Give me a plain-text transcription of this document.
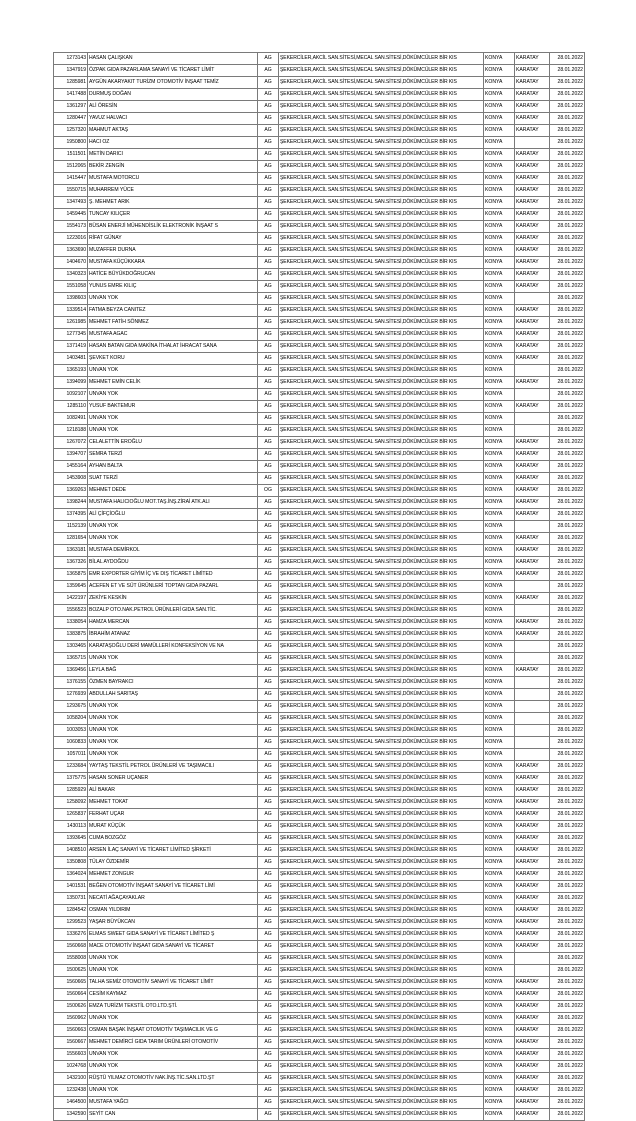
1273143	HASAN ÇALIŞKAN	AG	ŞEKERCİLER,AKCİL SAN.SİTESİ,MECAL SAN.SİTESİ,DÖKÜMCÜLER BİR KIS	KONYA	KARATAY	28.01.2022
1347919	ÖZPAK GIDA PAZARLAMA SANAYİ VE TİCARET LİMİT	AG	ŞEKERCİLER,AKCİL SAN.SİTESİ,MECAL SAN.SİTESİ,DÖKÜMCÜLER BİR KIS	KONYA	KARATAY	28.01.2022
1285981	AYGÜN AKARYAKIT TURİZM OTOMOTİV İNŞAAT TEMİZ	AG	ŞEKERCİLER,AKCİL SAN.SİTESİ,MECAL SAN.SİTESİ,DÖKÜMCÜLER BİR KIS	KONYA	KARATAY	28.01.2022
1417488	DURMUŞ DOĞAN	AG	ŞEKERCİLER,AKCİL SAN.SİTESİ,MECAL SAN.SİTESİ,DÖKÜMCÜLER BİR KIS	KONYA	KARATAY	28.01.2022
1361297	ALİ ÖRESİN	AG	ŞEKERCİLER,AKCİL SAN.SİTESİ,MECAL SAN.SİTESİ,DÖKÜMCÜLER BİR KIS	KONYA	KARATAY	28.01.2022
1280447	YAVUZ HALVACI	AG	ŞEKERCİLER,AKCİL SAN.SİTESİ,MECAL SAN.SİTESİ,DÖKÜMCÜLER BİR KIS	KONYA	KARATAY	28.01.2022
1257320	MAHMUT AKTAŞ	AG	ŞEKERCİLER,AKCİL SAN.SİTESİ,MECAL SAN.SİTESİ,DÖKÜMCÜLER BİR KIS	KONYA	KARATAY	28.01.2022
1950800	HACI OZ	AG	ŞEKERCİLER,AKCİL SAN.SİTESİ,MECAL SAN.SİTESİ,DÖKÜMCÜLER BİR KIS	KONYA		28.01.2022
1511501	METİN DARICI	AG	ŞEKERCİLER,AKCİL SAN.SİTESİ,MECAL SAN.SİTESİ,DÖKÜMCÜLER BİR KIS	KONYA	KARATAY	28.01.2022
1512065	BEKİR ZENGİN	AG	ŞEKERCİLER,AKCİL SAN.SİTESİ,MECAL SAN.SİTESİ,DÖKÜMCÜLER BİR KIS	KONYA	KARATAY	28.01.2022
1415447	MUSTAFA MOTORCU	AG	ŞEKERCİLER,AKCİL SAN.SİTESİ,MECAL SAN.SİTESİ,DÖKÜMCÜLER BİR KIS	KONYA	KARATAY	28.01.2022
1550715	MUHARREM YÜCE	AG	ŞEKERCİLER,AKCİL SAN.SİTESİ,MECAL SAN.SİTESİ,DÖKÜMCÜLER BİR KIS	KONYA	KARATAY	28.01.2022
1347493	Ş. MEHMET ARIK	AG	ŞEKERCİLER,AKCİL SAN.SİTESİ,MECAL SAN.SİTESİ,DÖKÜMCÜLER BİR KIS	KONYA	KARATAY	28.01.2022
1459445	TUNCAY KILIÇER	AG	ŞEKERCİLER,AKCİL SAN.SİTESİ,MECAL SAN.SİTESİ,DÖKÜMCÜLER BİR KIS	KONYA	KARATAY	28.01.2022
1554173	BÜSAN ENERJİ MÜHENDİSLİK ELEKTRONİK İNŞAAT S	AG	ŞEKERCİLER,AKCİL SAN.SİTESİ,MECAL SAN.SİTESİ,DÖKÜMCÜLER BİR KIS	KONYA	KARATAY	28.01.2022
1223016	RİFAT GÜNAY	AG	ŞEKERCİLER,AKCİL SAN.SİTESİ,MECAL SAN.SİTESİ,DÖKÜMCÜLER BİR KIS	KONYA	KARATAY	28.01.2022
1363690	MUZAFFER DURNA	AG	ŞEKERCİLER,AKCİL SAN.SİTESİ,MECAL SAN.SİTESİ,DÖKÜMCÜLER BİR KIS	KONYA	KARATAY	28.01.2022
1404670	MUSTAFA KÜÇÜKKARA	AG	ŞEKERCİLER,AKCİL SAN.SİTESİ,MECAL SAN.SİTESİ,DÖKÜMCÜLER BİR KIS	KONYA	KARATAY	28.01.2022
1340323	HATİCE BÜYÜKDOĞRUCAN	AG	ŞEKERCİLER,AKCİL SAN.SİTESİ,MECAL SAN.SİTESİ,DÖKÜMCÜLER BİR KIS	KONYA	KARATAY	28.01.2022
1551058	YUNUS EMRE KILIÇ	AG	ŞEKERCİLER,AKCİL SAN.SİTESİ,MECAL SAN.SİTESİ,DÖKÜMCÜLER BİR KIS	KONYA	KARATAY	28.01.2022
1398603	UNVAN YOK	AG	ŞEKERCİLER,AKCİL SAN.SİTESİ,MECAL SAN.SİTESİ,DÖKÜMCÜLER BİR KIS	KONYA		28.01.2022
1339514	FATMA BEYZA CANITEZ	AG	ŞEKERCİLER,AKCİL SAN.SİTESİ,MECAL SAN.SİTESİ,DÖKÜMCÜLER BİR KIS	KONYA	KARATAY	28.01.2022
1261985	MEHMET FATİH SÖNMEZ	AG	ŞEKERCİLER,AKCİL SAN.SİTESİ,MECAL SAN.SİTESİ,DÖKÜMCÜLER BİR KIS	KONYA	KARATAY	28.01.2022
1277345	MUSTAFA AGAC	AG	ŞEKERCİLER,AKCİL SAN.SİTESİ,MECAL SAN.SİTESİ,DÖKÜMCÜLER BİR KIS	KONYA	KARATAY	28.01.2022
1371419	HASAN BATAN GIDA MAKİNA İTHALAT İHRACAT SANA	AG	ŞEKERCİLER,AKCİL SAN.SİTESİ,MECAL SAN.SİTESİ,DÖKÜMCÜLER BİR KIS	KONYA	KARATAY	28.01.2022
1403481	ŞEVKET KORU	AG	ŞEKERCİLER,AKCİL SAN.SİTESİ,MECAL SAN.SİTESİ,DÖKÜMCÜLER BİR KIS	KONYA	KARATAY	28.01.2022
1365193	UNVAN YOK	AG	ŞEKERCİLER,AKCİL SAN.SİTESİ,MECAL SAN.SİTESİ,DÖKÜMCÜLER BİR KIS	KONYA		28.01.2022
1394099	MEHMET EMİN CELİK	AG	ŞEKERCİLER,AKCİL SAN.SİTESİ,MECAL SAN.SİTESİ,DÖKÜMCÜLER BİR KIS	KONYA	KARATAY	28.01.2022
1092107	UNVAN YOK	AG	ŞEKERCİLER,AKCİL SAN.SİTESİ,MECAL SAN.SİTESİ,DÖKÜMCÜLER BİR KIS	KONYA		28.01.2022
1285110	YUSUF BAKTEMUR	AG	ŞEKERCİLER,AKCİL SAN.SİTESİ,MECAL SAN.SİTESİ,DÖKÜMCÜLER BİR KIS	KONYA	KARATAY	28.01.2022
1082491	UNVAN YOK	AG	ŞEKERCİLER,AKCİL SAN.SİTESİ,MECAL SAN.SİTESİ,DÖKÜMCÜLER BİR KIS	KONYA		28.01.2022
1218188	UNVAN YOK	AG	ŞEKERCİLER,AKCİL SAN.SİTESİ,MECAL SAN.SİTESİ,DÖKÜMCÜLER BİR KIS	KONYA		28.01.2022
1267072	CELALETTİN EROĞLU	AG	ŞEKERCİLER,AKCİL SAN.SİTESİ,MECAL SAN.SİTESİ,DÖKÜMCÜLER BİR KIS	KONYA	KARATAY	28.01.2022
1394707	SEMRA TERZİ	AG	ŞEKERCİLER,AKCİL SAN.SİTESİ,MECAL SAN.SİTESİ,DÖKÜMCÜLER BİR KIS	KONYA	KARATAY	28.01.2022
1455164	AYHAN BALTA	AG	ŞEKERCİLER,AKCİL SAN.SİTESİ,MECAL SAN.SİTESİ,DÖKÜMCÜLER BİR KIS	KONYA	KARATAY	28.01.2022
1453908	SUAT TERZİ	AG	ŞEKERCİLER,AKCİL SAN.SİTESİ,MECAL SAN.SİTESİ,DÖKÜMCÜLER BİR KIS	KONYA	KARATAY	28.01.2022
1369263	MEHMET DEDE	OG	ŞEKERCİLER,AKCİL SAN.SİTESİ,MECAL SAN.SİTESİ,DÖKÜMCÜLER BİR KIS	KONYA	KARATAY	28.01.2022
1398244	MUSTAFA HALICIOĞLU MOT.TAŞ.İNŞ.ZİRAİ ATK.ALI	AG	ŞEKERCİLER,AKCİL SAN.SİTESİ,MECAL SAN.SİTESİ,DÖKÜMCÜLER BİR KIS	KONYA	KARATAY	28.01.2022
1374395	ALİ ÇİFÇİOĞLU	AG	ŞEKERCİLER,AKCİL SAN.SİTESİ,MECAL SAN.SİTESİ,DÖKÜMCÜLER BİR KIS	KONYA	KARATAY	28.01.2022
1152139	UNVAN YOK	AG	ŞEKERCİLER,AKCİL SAN.SİTESİ,MECAL SAN.SİTESİ,DÖKÜMCÜLER BİR KIS	KONYA		28.01.2022
1281654	UNVAN YOK	AG	ŞEKERCİLER,AKCİL SAN.SİTESİ,MECAL SAN.SİTESİ,DÖKÜMCÜLER BİR KIS	KONYA	KARATAY	28.01.2022
1363181	MUSTAFA DEMİRKOL	AG	ŞEKERCİLER,AKCİL SAN.SİTESİ,MECAL SAN.SİTESİ,DÖKÜMCÜLER BİR KIS	KONYA	KARATAY	28.01.2022
1367326	BİLAL AYDOĞDU	AG	ŞEKERCİLER,AKCİL SAN.SİTESİ,MECAL SAN.SİTESİ,DÖKÜMCÜLER BİR KIS	KONYA	KARATAY	28.01.2022
1365875	EMR EXPORTER GİYİM İÇ VE DIŞ TİCARET LİMİTED	AG	ŞEKERCİLER,AKCİL SAN.SİTESİ,MECAL SAN.SİTESİ,DÖKÜMCÜLER BİR KIS	KONYA	KARATAY	28.01.2022
1359645	ACEFEN ET VE SÜT ÜRÜNLERİ TOPTAN GIDA PAZARL	AG	ŞEKERCİLER,AKCİL SAN.SİTESİ,MECAL SAN.SİTESİ,DÖKÜMCÜLER BİR KIS	KONYA		28.01.2022
1422197	ZEKİYE KESKİN	AG	ŞEKERCİLER,AKCİL SAN.SİTESİ,MECAL SAN.SİTESİ,DÖKÜMCÜLER BİR KIS	KONYA	KARATAY	28.01.2022
1556523	BOZALP OTO.NAK.PETROL ÜRÜNLERİ GIDA SAN.TİC.	AG	ŞEKERCİLER,AKCİL SAN.SİTESİ,MECAL SAN.SİTESİ,DÖKÜMCÜLER BİR KIS	KONYA		28.01.2022
1338054	HAMZA MERCAN	AG	ŞEKERCİLER,AKCİL SAN.SİTESİ,MECAL SAN.SİTESİ,DÖKÜMCÜLER BİR KIS	KONYA	KARATAY	28.01.2022
1383875	İBRAHİM ATANAZ	AG	ŞEKERCİLER,AKCİL SAN.SİTESİ,MECAL SAN.SİTESİ,DÖKÜMCÜLER BİR KIS	KONYA	KARATAY	28.01.2022
1303465	KARATAŞOĞLU DERİ MAMÜLLERİ KONFEKSİYON VE NA	AG	ŞEKERCİLER,AKCİL SAN.SİTESİ,MECAL SAN.SİTESİ,DÖKÜMCÜLER BİR KIS	KONYA		28.01.2022
1365715	UNVAN YOK	AG	ŞEKERCİLER,AKCİL SAN.SİTESİ,MECAL SAN.SİTESİ,DÖKÜMCÜLER BİR KIS	KONYA		28.01.2022
1369456	LEYLA BAĞ	AG	ŞEKERCİLER,AKCİL SAN.SİTESİ,MECAL SAN.SİTESİ,DÖKÜMCÜLER BİR KIS	KONYA	KARATAY	28.01.2022
1376155	ÖZMEN BAYRAKCI	AG	ŞEKERCİLER,AKCİL SAN.SİTESİ,MECAL SAN.SİTESİ,DÖKÜMCÜLER BİR KIS	KONYA		28.01.2022
1276939	ABDULLAH SARITAŞ	AG	ŞEKERCİLER,AKCİL SAN.SİTESİ,MECAL SAN.SİTESİ,DÖKÜMCÜLER BİR KIS	KONYA		28.01.2022
1293675	UNVAN YOK	AG	ŞEKERCİLER,AKCİL SAN.SİTESİ,MECAL SAN.SİTESİ,DÖKÜMCÜLER BİR KIS	KONYA		28.01.2022
1058204	UNVAN YOK	AG	ŞEKERCİLER,AKCİL SAN.SİTESİ,MECAL SAN.SİTESİ,DÖKÜMCÜLER BİR KIS	KONYA		28.01.2022
1003053	UNVAN YOK	AG	ŞEKERCİLER,AKCİL SAN.SİTESİ,MECAL SAN.SİTESİ,DÖKÜMCÜLER BİR KIS	KONYA		28.01.2022
1060833	UNVAN YOK	AG	ŞEKERCİLER,AKCİL SAN.SİTESİ,MECAL SAN.SİTESİ,DÖKÜMCÜLER BİR KIS	KONYA		28.01.2022
1057011	UNVAN YOK	AG	ŞEKERCİLER,AKCİL SAN.SİTESİ,MECAL SAN.SİTESİ,DÖKÜMCÜLER BİR KIS	KONYA		28.01.2022
1233684	YAYTAŞ TEKSTİL PETROL ÜRÜNLERİ VE TAŞIMACILI	AG	ŞEKERCİLER,AKCİL SAN.SİTESİ,MECAL SAN.SİTESİ,DÖKÜMCÜLER BİR KIS	KONYA	KARATAY	28.01.2022
1375775	HASAN SONER UÇANER	AG	ŞEKERCİLER,AKCİL SAN.SİTESİ,MECAL SAN.SİTESİ,DÖKÜMCÜLER BİR KIS	KONYA	KARATAY	28.01.2022
1285929	ALİ BAKAR	AG	ŞEKERCİLER,AKCİL SAN.SİTESİ,MECAL SAN.SİTESİ,DÖKÜMCÜLER BİR KIS	KONYA	KARATAY	28.01.2022
1258092	MEHMET TOKAT	AG	ŞEKERCİLER,AKCİL SAN.SİTESİ,MECAL SAN.SİTESİ,DÖKÜMCÜLER BİR KIS	KONYA	KARATAY	28.01.2022
1265837	FERHAT UÇAR	AG	ŞEKERCİLER,AKCİL SAN.SİTESİ,MECAL SAN.SİTESİ,DÖKÜMCÜLER BİR KIS	KONYA	KARATAY	28.01.2022
1430113	MURAT KÜÇÜK	AG	ŞEKERCİLER,AKCİL SAN.SİTESİ,MECAL SAN.SİTESİ,DÖKÜMCÜLER BİR KIS	KONYA	KARATAY	28.01.2022
1393645	CUMA BOZGÖZ	AG	ŞEKERCİLER,AKCİL SAN.SİTESİ,MECAL SAN.SİTESİ,DÖKÜMCÜLER BİR KIS	KONYA	KARATAY	28.01.2022
1408510	ARSEN İLAÇ SANAYİ VE TİCARET LİMİTED ŞİRKETİ	AG	ŞEKERCİLER,AKCİL SAN.SİTESİ,MECAL SAN.SİTESİ,DÖKÜMCÜLER BİR KIS	KONYA	KARATAY	28.01.2022
1350808	TÜLAY ÖZDEMİR	AG	ŞEKERCİLER,AKCİL SAN.SİTESİ,MECAL SAN.SİTESİ,DÖKÜMCÜLER BİR KIS	KONYA	KARATAY	28.01.2022
1364024	MEHMET ZONGUR	AG	ŞEKERCİLER,AKCİL SAN.SİTESİ,MECAL SAN.SİTESİ,DÖKÜMCÜLER BİR KIS	KONYA	KARATAY	28.01.2022
1401531	BEĞEN OTOMOTİV İNŞAAT SANAYİ VE TİCARET LİMİ	AG	ŞEKERCİLER,AKCİL SAN.SİTESİ,MECAL SAN.SİTESİ,DÖKÜMCÜLER BİR KIS	KONYA	KARATAY	28.01.2022
1350731	NECATİ AĞAÇAYAKLAR	AG	ŞEKERCİLER,AKCİL SAN.SİTESİ,MECAL SAN.SİTESİ,DÖKÜMCÜLER BİR KIS	KONYA	KARATAY	28.01.2022
1284542	OSMAN YILDIRIM	AG	ŞEKERCİLER,AKCİL SAN.SİTESİ,MECAL SAN.SİTESİ,DÖKÜMCÜLER BİR KIS	KONYA	KARATAY	28.01.2022
1299523	YAŞAR BÜYÜKCAN	AG	ŞEKERCİLER,AKCİL SAN.SİTESİ,MECAL SAN.SİTESİ,DÖKÜMCÜLER BİR KIS	KONYA	KARATAY	28.01.2022
1336276	ELMAS SWEET GIDA SANAYİ VE TİCARET LİMİTED Ş	AG	ŞEKERCİLER,AKCİL SAN.SİTESİ,MECAL SAN.SİTESİ,DÖKÜMCÜLER BİR KIS	KONYA	KARATAY	28.01.2022
1560668	MACE OTOMOTİV İNŞAAT GIDA SANAYİ VE TİCARET	AG	ŞEKERCİLER,AKCİL SAN.SİTESİ,MECAL SAN.SİTESİ,DÖKÜMCÜLER BİR KIS	KONYA	KARATAY	28.01.2022
1558008	UNVAN YOK	AG	ŞEKERCİLER,AKCİL SAN.SİTESİ,MECAL SAN.SİTESİ,DÖKÜMCÜLER BİR KIS	KONYA		28.01.2022
1500625	UNVAN YOK	AG	ŞEKERCİLER,AKCİL SAN.SİTESİ,MECAL SAN.SİTESİ,DÖKÜMCÜLER BİR KIS	KONYA		28.01.2022
1560665	TALHA SEMİZ OTOMOTİV SANAYİ VE TİCARET LİMİT	AG	ŞEKERCİLER,AKCİL SAN.SİTESİ,MECAL SAN.SİTESİ,DÖKÜMCÜLER BİR KIS	KONYA	KARATAY	28.01.2022
1560664	CESİM KAYMAZ	AG	ŞEKERCİLER,AKCİL SAN.SİTESİ,MECAL SAN.SİTESİ,DÖKÜMCÜLER BİR KIS	KONYA	KARATAY	28.01.2022
1500626	EMZA TURİZM TEKSTİL OTO.LTD.ŞTİ.	AG	ŞEKERCİLER,AKCİL SAN.SİTESİ,MECAL SAN.SİTESİ,DÖKÜMCÜLER BİR KIS	KONYA	KARATAY	28.01.2022
1560962	UNVAN YOK	AG	ŞEKERCİLER,AKCİL SAN.SİTESİ,MECAL SAN.SİTESİ,DÖKÜMCÜLER BİR KIS	KONYA	KARATAY	28.01.2022
1560663	OSMAN BAŞAK İNŞAAT OTOMOTİV TAŞIMACILIK VE G	AG	ŞEKERCİLER,AKCİL SAN.SİTESİ,MECAL SAN.SİTESİ,DÖKÜMCÜLER BİR KIS	KONYA	KARATAY	28.01.2022
1560667	MEHMET DEMİRCİ GIDA TARIM ÜRÜNLERİ OTOMOTİV	AG	ŞEKERCİLER,AKCİL SAN.SİTESİ,MECAL SAN.SİTESİ,DÖKÜMCÜLER BİR KIS	KONYA	KARATAY	28.01.2022
1556603	UNVAN YOK	AG	ŞEKERCİLER,AKCİL SAN.SİTESİ,MECAL SAN.SİTESİ,DÖKÜMCÜLER BİR KIS	KONYA	KARATAY	28.01.2022
1024768	UNVAN YOK	AG	ŞEKERCİLER,AKCİL SAN.SİTESİ,MECAL SAN.SİTESİ,DÖKÜMCÜLER BİR KIS	KONYA	KARATAY	28.01.2022
1432100	RÜŞTÜ YILMAZ OTOMOTİV NAK.İNŞ.TİC.SAN.LTD.ŞT	AG	ŞEKERCİLER,AKCİL SAN.SİTESİ,MECAL SAN.SİTESİ,DÖKÜMCÜLER BİR KIS	KONYA	KARATAY	28.01.2022
1232438	UNVAN YOK	AG	ŞEKERCİLER,AKCİL SAN.SİTESİ,MECAL SAN.SİTESİ,DÖKÜMCÜLER BİR KIS	KONYA	KARATAY	28.01.2022
1464500	MUSTAFA YAĞCI	AG	ŞEKERCİLER,AKCİL SAN.SİTESİ,MECAL SAN.SİTESİ,DÖKÜMCÜLER BİR KIS	KONYA	KARATAY	28.01.2022
1342590	SEYİT CAN	AG	ŞEKERCİLER,AKCİL SAN.SİTESİ,MECAL SAN.SİTESİ,DÖKÜMCÜLER BİR KIS	KONYA	KARATAY	28.01.2022
